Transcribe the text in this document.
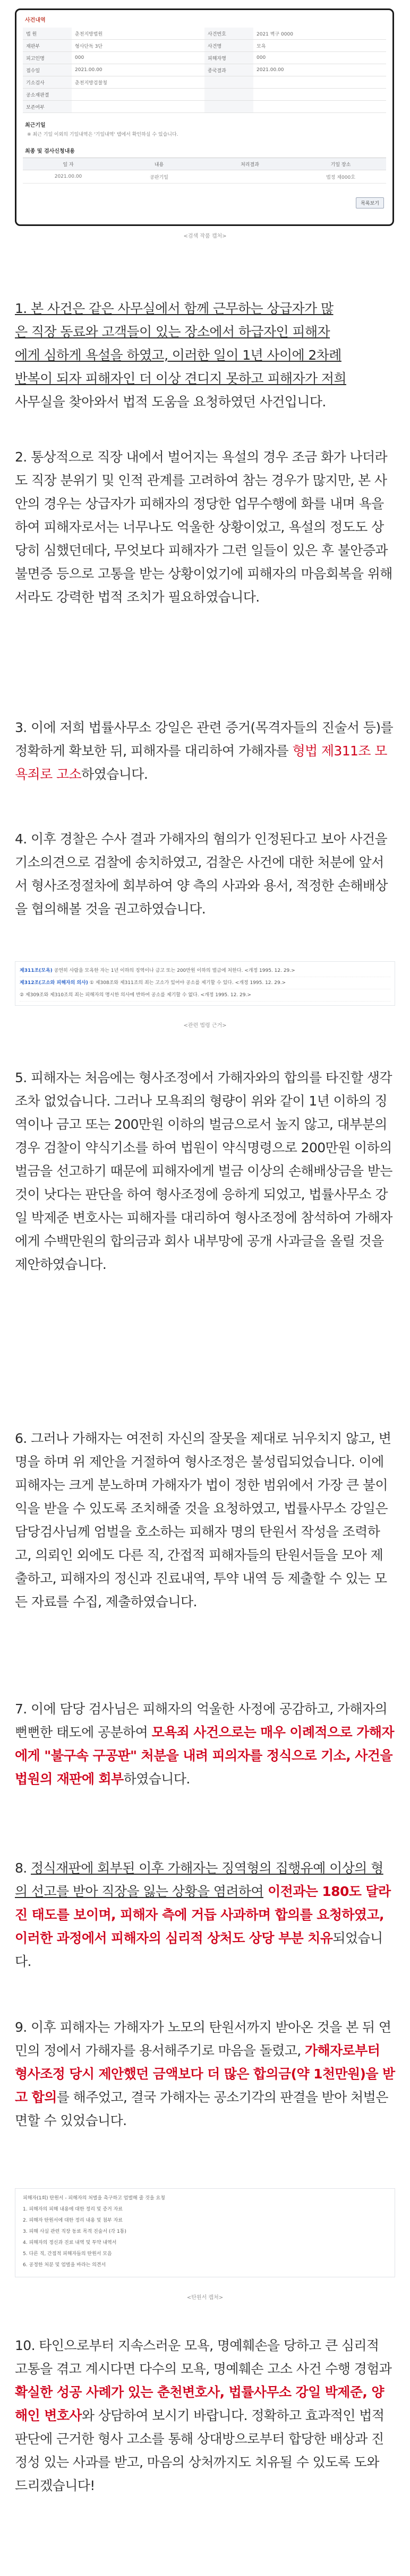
사건내역
법 원	춘천지방법원	사건번호	2021 벽구 0000
재판부	형사단독 3단	사건명	모욕
피고인명	000	피해자명	000
접수일	2021.00.00	종국결과	2021.00.00
기소검사	춘천지방검찰청		
공소재판결			
보존여부			
최근기일
※ 최근 기일 이외의 기일내역은 '기일내역' 탭에서 확인하실 수 있습니다.
최종 및 검사신청내용
일 자	내용	처리결과	기일 장소
2021.00.00	공판기일		법정 제000호
목록보기
<검색 작품 캡처>
1. 본 사건은 같은 사무실에서 함께 근무하는 상급자가 많
은 직장 동료와 고객들이 있는 장소에서 하급자인 피해자
에게 심하게 욕설을 하였고, 이러한 일이 1년 사이에 2차례
반복이 되자 피해자인 더 이상 견디지 못하고 피해자가 저희
사무실을 찾아와서 법적 도움을 요청하였던 사건입니다.
2. 통상적으로 직장 내에서 벌어지는 욕설의 경우 조금 화가 나더라도 직장 분위기 및 인적 관계를 고려하여 참는 경우가 많지만, 본 사안의 경우는 상급자가 피해자의 정당한 업무수행에 화를 내며 욕을 하여 피해자로서는 너무나도 억울한 상황이었고, 욕설의 정도도 상당히 심했던데다, 무엇보다 피해자가 그런 일들이 있은 후 불안증과 불면증 등으로 고통을 받는 상황이었기에 피해자의 마음회복을 위해서라도 강력한 법적 조치가 필요하였습니다.
3. 이에 저희 법률사무소 강일은 관련 증거(목격자들의 진술서 등)를 정확하게 확보한 뒤, 피해자를 대리하여 가해자를 형법 제311조 모욕죄로 고소하였습니다.
4. 이후 경찰은 수사 결과 가해자의 혐의가 인정된다고 보아 사건을 기소의견으로 검찰에 송치하였고, 검찰은 사건에 대한 처분에 앞서서 형사조정절차에 회부하여 양 측의 사과와 용서, 적정한 손해배상을 협의해볼 것을 권고하였습니다.
제311조(모욕) 공연히 사람을 모욕한 자는 1년 이하의 징역이나 금고 또는 200만원 이하의 벌금에 처한다. <개정 1995. 12. 29.>
제312조(고소와 피해자의 의사) ① 제308조와 제311조의 죄는 고소가 있어야 공소를 제기할 수 있다. <개정 1995. 12. 29.>
② 제309조와 제310조의 죄는 피해자의 명시한 의사에 반하여 공소를 제기할 수 없다. <개정 1995. 12. 29.>
<관련 법령 근거>
5. 피해자는 처음에는 형사조정에서 가해자와의 합의를 타진할 생각조차 없었습니다. 그러나 모욕죄의 형량이 위와 같이 1년 이하의 징역이나 금고 또는 200만원 이하의 벌금으로서 높지 않고, 대부분의 경우 검찰이 약식기소를 하여 법원이 약식명령으로 200만원 이하의 벌금을 선고하기 때문에 피해자에게 벌금 이상의 손해배상금을 받는 것이 낫다는 판단을 하여 형사조정에 응하게 되었고, 법률사무소 강일 박제준 변호사는 피해자를 대리하여 형사조정에 참석하여 가해자에게 수백만원의 합의금과 회사 내부망에 공개 사과글을 올릴 것을 제안하였습니다.
6. 그러나 가해자는 여전히 자신의 잘못을 제대로 뉘우치지 않고, 변명을 하며 위 제안을 거절하여 형사조정은 불성립되었습니다. 이에 피해자는 크게 분노하며 가해자가 법이 정한 범위에서 가장 큰 불이익을 받을 수 있도록 조치해줄 것을 요청하였고, 법률사무소 강일은 담당검사님께 엄벌을 호소하는 피해자 명의 탄원서 작성을 조력하고, 의뢰인 외에도 다른 직, 간접적 피해자들의 탄원서들을 모아 제출하고, 피해자의 정신과 진료내역, 투약 내역 등 제출할 수 있는 모든 자료를 수집, 제출하였습니다.
7. 이에 담당 검사님은 피해자의 억울한 사정에 공감하고, 가해자의 뻔뻔한 태도에 공분하여 모욕죄 사건으로는 매우 이례적으로 가해자에게 "불구속 구공판" 처분을 내려 피의자를 정식으로 기소, 사건을 법원의 재판에 회부하였습니다.
8. 정식재판에 회부된 이후 가해자는 징역형의 집행유예 이상의 형의 선고를 받아 직장을 잃는 상황을 염려하여 이전과는 180도 달라진 태도를 보이며, 피해자 측에 거듭 사과하며 합의를 요청하였고, 이러한 과정에서 피해자의 심리적 상처도 상당 부분 치유되었습니다.
9. 이후 피해자는 가해자가 노모의 탄원서까지 받아온 것을 본 뒤 연민의 정에서 가해자를 용서해주기로 마음을 돌렸고, 가해자로부터 형사조정 당시 제안했던 금액보다 더 많은 합의금(약 1천만원)을 받고 합의를 해주었고, 결국 가해자는 공소기각의 판결을 받아 처벌은 면할 수 있었습니다.
피해자(1회) 탄원서 - 피해자의 처벌을 촉구하고 엄벌해 줄 것을 요청
1. 피해자의 피해 내용에 대한 정리 및 증거 자료
2. 피해자 탄원서에 대한 정리 내용 및 첨부 자료
3. 피해 사실 관련 직장 동료 목격 진술서 (각 1통)
4. 피해자의 정신과 진료 내역 및 투약 내역서
5. 다른 직, 간접적 피해자들의 탄원서 모음
6. 공정한 처분 및 엄벌을 바라는 의견서
<탄원서 캡처>
10. 타인으로부터 지속스러운 모욕, 명예훼손을 당하고 큰 심리적 고통을 겪고 계시다면 다수의 모욕, 명예훼손 고소 사건 수행 경험과 확실한 성공 사례가 있는 춘천변호사, 법률사무소 강일 박제준, 양해인 변호사와 상담하여 보시기 바랍니다. 정확하고 효과적인 법적 판단에 근거한 형사 고소를 통해 상대방으로부터 합당한 배상과 진정성 있는 사과를 받고, 마음의 상처까지도 치유될 수 있도록 도와 드리겠습니다!
